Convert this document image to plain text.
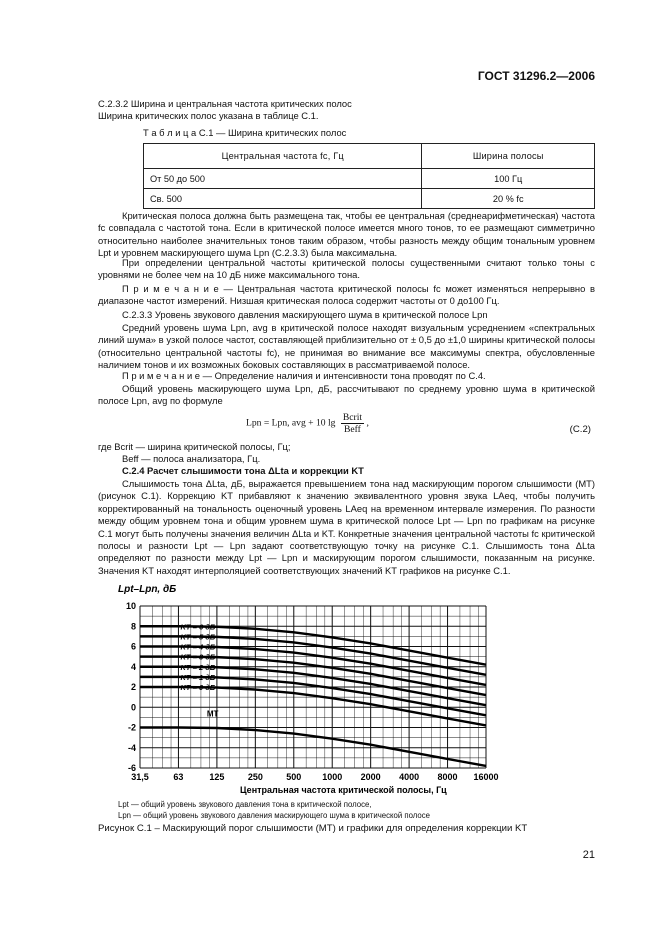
ГОСТ 31296.2—2006
С.2.3.2 Ширина и центральная частота критических полос
Ширина критических полос указана в таблице С.1.
Т а б л и ц а С.1 — Ширина критических полос
Центральная частота fc, Гц	Ширина полосы
От 50 до 500	100 Гц
Св. 500	20 % fc
Критическая полоса должна быть размещена так, чтобы ее центральная (среднеарифметическая) частота fc совпадала с частотой тона. Если в критической полосе имеется много тонов, то ее размещают симметрично относительно наиболее значительных тонов таким образом, чтобы разность между общим тональным уровнем Lpt и уровнем маскирующего шума Lpn (С.2.3.3) была максимальна.
При определении центральной частоты критической полосы существенными считают только тоны с уровнями не более чем на 10 дБ ниже максимального тона.
П р и м е ч а н и е — Центральная частота критической полосы fc может изменяться непрерывно в диапазоне частот измерений. Низшая критическая полоса содержит частоты от 0 до100 Гц.
С.2.3.3 Уровень звукового давления маскирующего шума в критической полосе Lpn
Средний уровень шума Lpn, avg в критической полосе находят визуальным усреднением «спектральных линий шума» в узкой полосе частот, составляющей приблизительно от ± 0,5 до ±1,0 ширины критической полосы (относительно центральной частоты fc), не принимая во внимание все максимумы спектра, обусловленные наличием тонов и их возможных боковых составляющих в рассматриваемой полосе.
П р и м е ч а н и е — Определение наличия и интенсивности тона проводят по С.4.
Общий уровень маскирующего шума Lpn, дБ, рассчитывают по среднему уровню шума в критической полосе Lpn, avg по формуле
Lpn = Lpn, avg + 10 $\lg \frac{\text{Bcrit}}{\text{Beff}}$ ,
(С.2)
где Bcrit — ширина критической полосы, Гц;
Beff — полоса анализатора, Гц.
С.2.4 Расчет слышимости тона ΔLta и коррекции KT
Слышимость тона ΔLta, дБ, выражается превышением тона над маскирующим порогом слышимости (МТ) (рисунок С.1). Коррекцию KT прибавляют к значению эквивалентного уровня звука LAeq, чтобы получить корректированный на тональность оценочный уровень LAeq на временном интервале измерения. По разности между общим уровнем тона и общим уровнем шума в критической полосе Lpt — Lpn по графикам на рисунке С.1 могут быть получены значения величин ΔLta и KT. Конкретные значения центральной частоты fc критической полосы и разности Lpt — Lpn задают соответствующую точку на рисунке С.1. Слышимость тона ΔLta определяют по разности между Lpt — Lpn и маскирующим порогом слышимости, показанным на рисунке. Значения KT находят интерполяцией соответствующих значений KT графиков на рисунке С.1.
Lpt–Lpn, дБ
KT = 6 дБ
KT = 5 дБ
KT = 4 дБ
KT = 3 дБ
KT = 2 дБ
KT = 1 дБ
KT = 0 дБ
МТ
10
8
6
4
2
0
-2
-4
-6
31,5	63	125	250	500 1000 2000 4000 8000 16000
Центральная частота критической полосы, Гц
Lpt — общий уровень звукового давления тона в критической полосе,
Lpn — общий уровень звукового давления маскирующего шума в критической полосе
Рисунок С.1 – Маскирующий порог слышимости (МТ) и графики для определения коррекции KT
21
